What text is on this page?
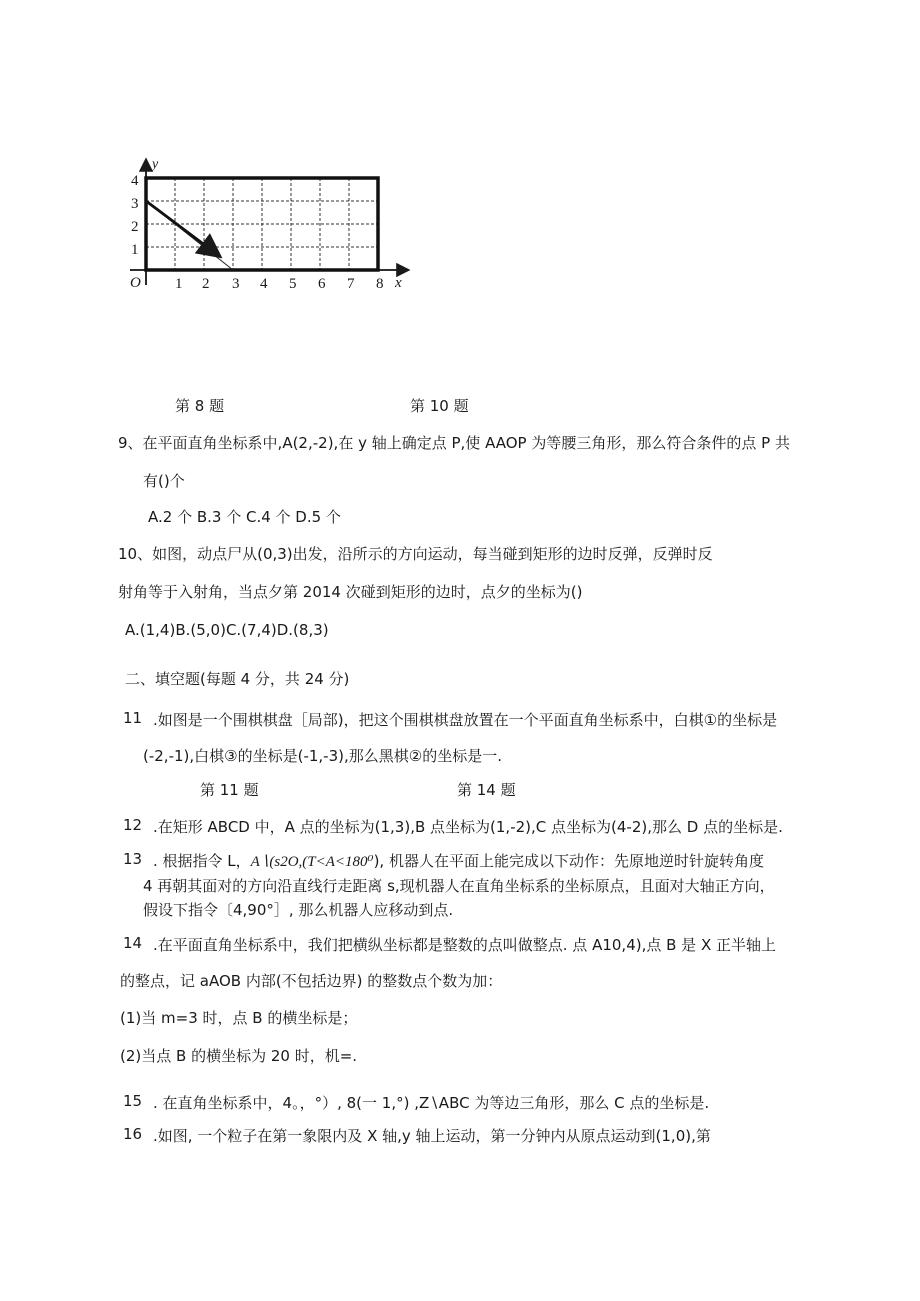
y
x
O
4
3
2
1
1 2 3 4 5 6 7 8
第 8 题	第 10 题
9、在平面直角坐标系中,A(2,-2),在 y 轴上确定点 P,使 AAOP 为等腰三角形，那么符合条件的点 P 共
有()个
A.2 个 B.3 个 C.4 个 D.5 个
10、如图，动点尸从(0,3)出发，沿所示的方向运动，每当碰到矩形的边时反弹，反弹时反
射角等于入射角，当点夕第 2014 次碰到矩形的边时，点夕的坐标为()
A.(1,4)B.(5,0)C.(7,4)D.(8,3)
二、填空题(每题 4 分，共 24 分)
11 .如图是一个围棋棋盘［局部)，把这个围棋棋盘放置在一个平面直角坐标系中，白棋①的坐标是
(-2,-1),白棋③的坐标是(-1,-3),那么黑棋②的坐标是一.
第 11 题	第 14 题
12 .在矩形 ABCD 中，A 点的坐标为(1,3),B 点坐标为(1,-2),C 点坐标为(4-2),那么 D 点的坐标是.
13 . 根据指令 L，A∖(s2O,(T<A<180⁰), 机器人在平面上能完成以下动作：先原地逆时针旋转角度
4 再朝其面对的方向沿直线行走距离 s,现机器人在直角坐标系的坐标原点，且面对大轴正方向，
假设下指令〔4,90°］, 那么机器人应移动到点.
14 .在平面直角坐标系中，我们把横纵坐标都是整数的点叫做整点. 点 A10,4),点 B 是 X 正半轴上
的整点，记 aAOB 内部(不包括边界) 的整数点个数为加：
(1)当 m=3 时，点 B 的横坐标是；
(2)当点 B 的横坐标为 20 时，机=.
15 . 在直角坐标系中，4。，°）, 8(一 1,°) ,Z∖ABC 为等边三角形，那么 C 点的坐标是.
16 .如图, 一个粒子在第一象限内及 X 轴,y 轴上运动，第一分钟内从原点运动到(1,0),第
